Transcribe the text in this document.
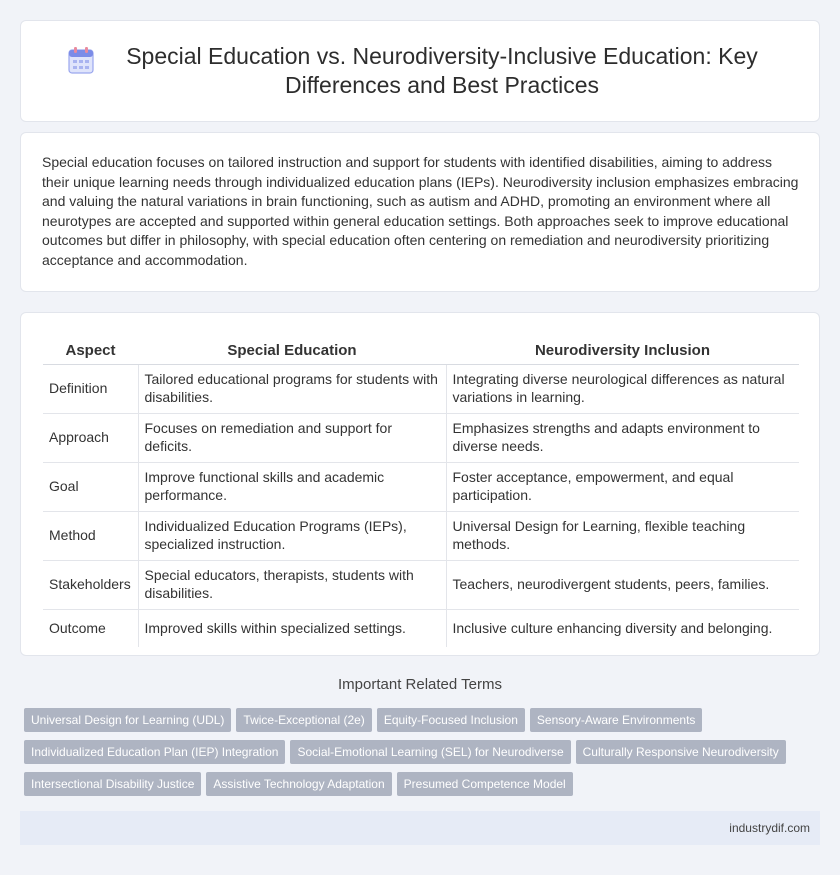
Special Education vs. Neurodiversity-Inclusive Education: Key Differences and Best Practices

Special education focuses on tailored instruction and support for students with identified disabilities, aiming to address their unique learning needs through individualized education plans (IEPs). Neurodiversity inclusion emphasizes embracing and valuing the natural variations in brain functioning, such as autism and ADHD, promoting an environment where all neurotypes are accepted and supported within general education settings. Both approaches seek to improve educational outcomes but differ in philosophy, with special education often centering on remediation and neurodiversity prioritizing acceptance and accommodation.

Aspect	Special Education	Neurodiversity Inclusion
Definition	Tailored educational programs for students with disabilities.	Integrating diverse neurological differences as natural variations in learning.
Approach	Focuses on remediation and support for deficits.	Emphasizes strengths and adapts environment to diverse needs.
Goal	Improve functional skills and academic performance.	Foster acceptance, empowerment, and equal participation.
Method	Individualized Education Programs (IEPs), specialized instruction.	Universal Design for Learning, flexible teaching methods.
Stakeholders	Special educators, therapists, students with disabilities.	Teachers, neurodivergent students, peers, families.
Outcome	Improved skills within specialized settings.	Inclusive culture enhancing diversity and belonging.
Important Related Terms
Universal Design for Learning (UDL) Twice-Exceptional (2e) Equity-Focused Inclusion Sensory-Aware Environments
Individualized Education Plan (IEP) Integration Social-Emotional Learning (SEL) for Neurodiverse Culturally Responsive Neurodiversity
Intersectional Disability Justice Assistive Technology Adaptation Presumed Competence Model
industrydif.com
